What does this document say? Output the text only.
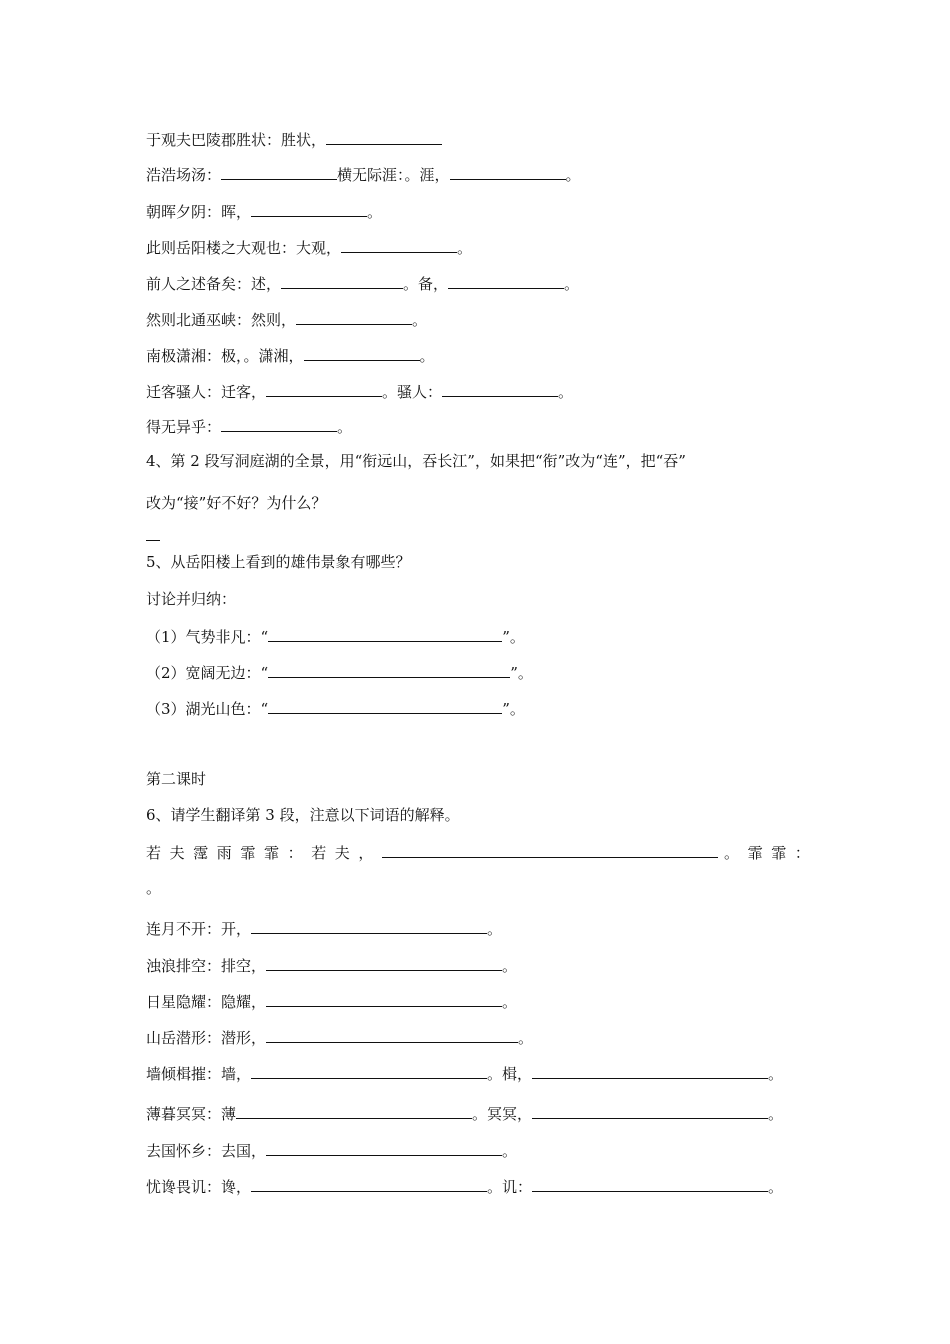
于观夫巴陵郡胜状：胜状，
浩浩场汤：	横无际涯：。涯，	。
朝晖夕阴：晖，	。
此则岳阳楼之大观也：大观，	。
前人之述备矣：述，	。备，	。
然则北通巫峡：然则，	。
南极潇湘：极，。潇湘，	。
迁客骚人：迁客，	。骚人：	。
得无异乎：	。
4、第 2 段写洞庭湖的全景，用“衔远山，吞长江”，如果把“衔”改为“连”，把“吞”
改为“接”好不好？为什么？
5、从岳阳楼上看到的雄伟景象有哪些？
讨论并归纳：
（1）气势非凡：“	”。
（2）宽阔无边：“	”。
（3）湖光山色：“	”。
第二课时
6、请学生翻译第 3 段，注意以下词语的解释。
若夫霪雨霏霏：若夫，	。霏霏：
。
连月不开：开，	。
浊浪排空：排空，	。
日星隐耀：隐耀，	。
山岳潜形：潜形，	。
墙倾楫摧：墙，	。楫，	。
薄暮冥冥：薄	。冥冥，	。
去国怀乡：去国，	。
忧谗畏讥：谗，	。讥：	。
